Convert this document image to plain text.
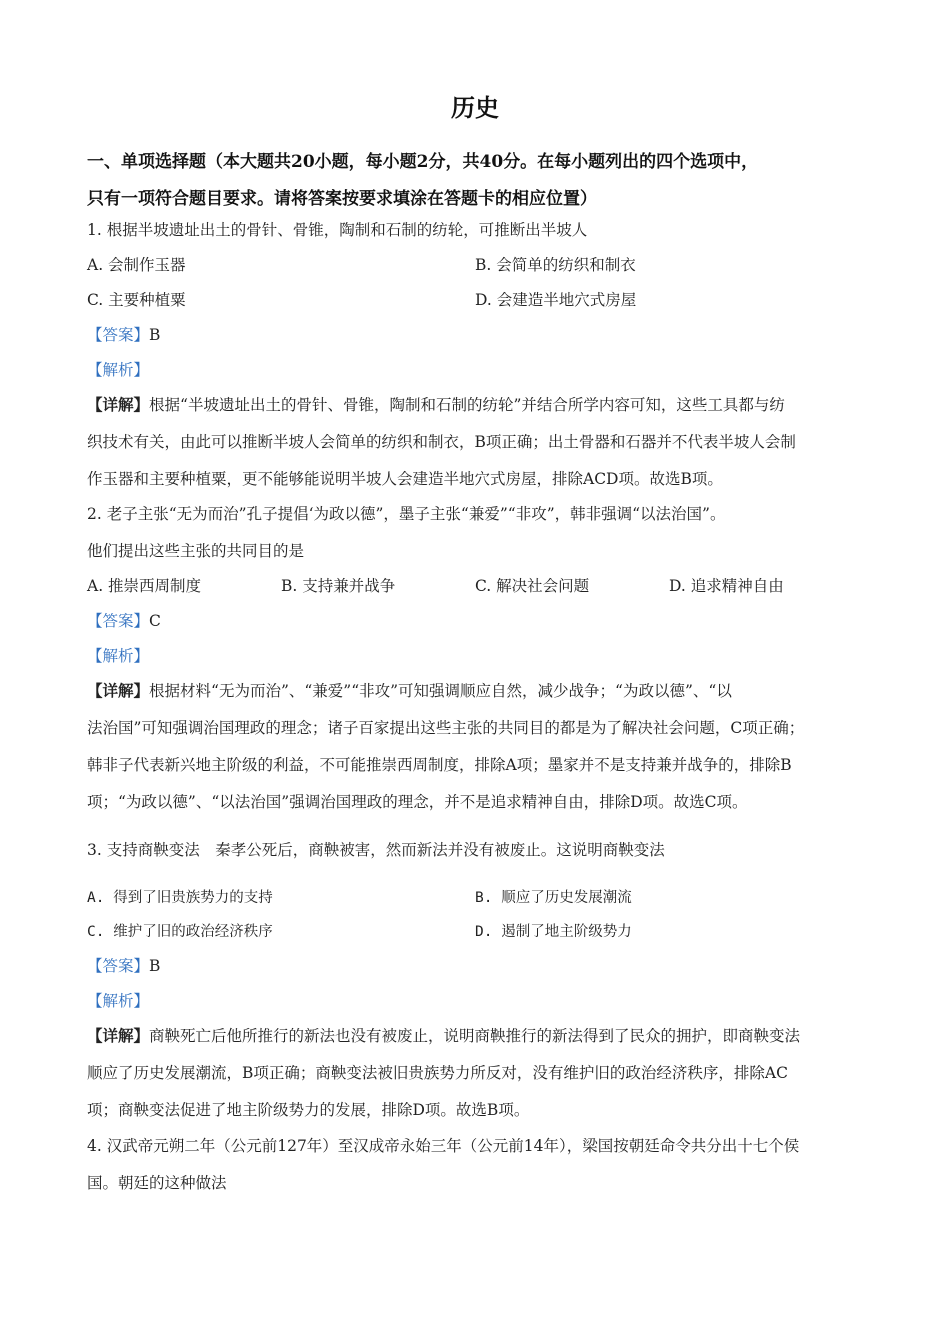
历史
一、单项选择题（本大题共20小题，每小题2分，共40分。在每小题列出的四个选项中，
只有一项符合题目要求。请将答案按要求填涂在答题卡的相应位置）
1. 根据半坡遗址出土的骨针、骨锥，陶制和石制的纺轮，可推断出半坡人
A. 会制作玉器	B. 会简单的纺织和制衣
C. 主要种植粟	D. 会建造半地穴式房屋
【答案】B
【解析】
【详解】根据“半坡遗址出土的骨针、骨锥，陶制和石制的纺轮”并结合所学内容可知，这些工具都与纺
织技术有关，由此可以推断半坡人会简单的纺织和制衣，B项正确；出土骨器和石器并不代表半坡人会制
作玉器和主要种植粟，更不能够能说明半坡人会建造半地穴式房屋，排除ACD项。故选B项。
2. 老子主张“无为而治”孔子提倡‘为政以德”，墨子主张“兼爱”“非攻”，韩非强调“以法治国”。
他们提出这些主张的共同目的是
A. 推崇西周制度	B. 支持兼并战争	C. 解决社会问题	D. 追求精神自由
【答案】C
【解析】
【详解】根据材料“无为而治”、“兼爱”“非攻”可知强调顺应自然，减少战争；“为政以德”、“以
法治国”可知强调治国理政的理念；诸子百家提出这些主张的共同目的都是为了解决社会问题，C项正确；
韩非子代表新兴地主阶级的利益，不可能推崇西周制度，排除A项；墨家并不是支持兼并战争的，排除B
项；“为政以德”、“以法治国”强调治国理政的理念，并不是追求精神自由，排除D项。故选C项。
3. 支持商鞅变法　秦孝公死后，商鞅被害，然而新法并没有被废止。这说明商鞅变法
A. 得到了旧贵族势力的支持	B. 顺应了历史发展潮流
C. 维护了旧的政治经济秩序	D. 遏制了地主阶级势力
【答案】B
【解析】
【详解】商鞅死亡后他所推行的新法也没有被废止，说明商鞅推行的新法得到了民众的拥护，即商鞅变法
顺应了历史发展潮流，B项正确；商鞅变法被旧贵族势力所反对，没有维护旧的政治经济秩序，排除AC
项；商鞅变法促进了地主阶级势力的发展，排除D项。故选B项。
4. 汉武帝元朔二年（公元前127年）至汉成帝永始三年（公元前14年），梁国按朝廷命令共分出十七个侯
国。朝廷的这种做法
